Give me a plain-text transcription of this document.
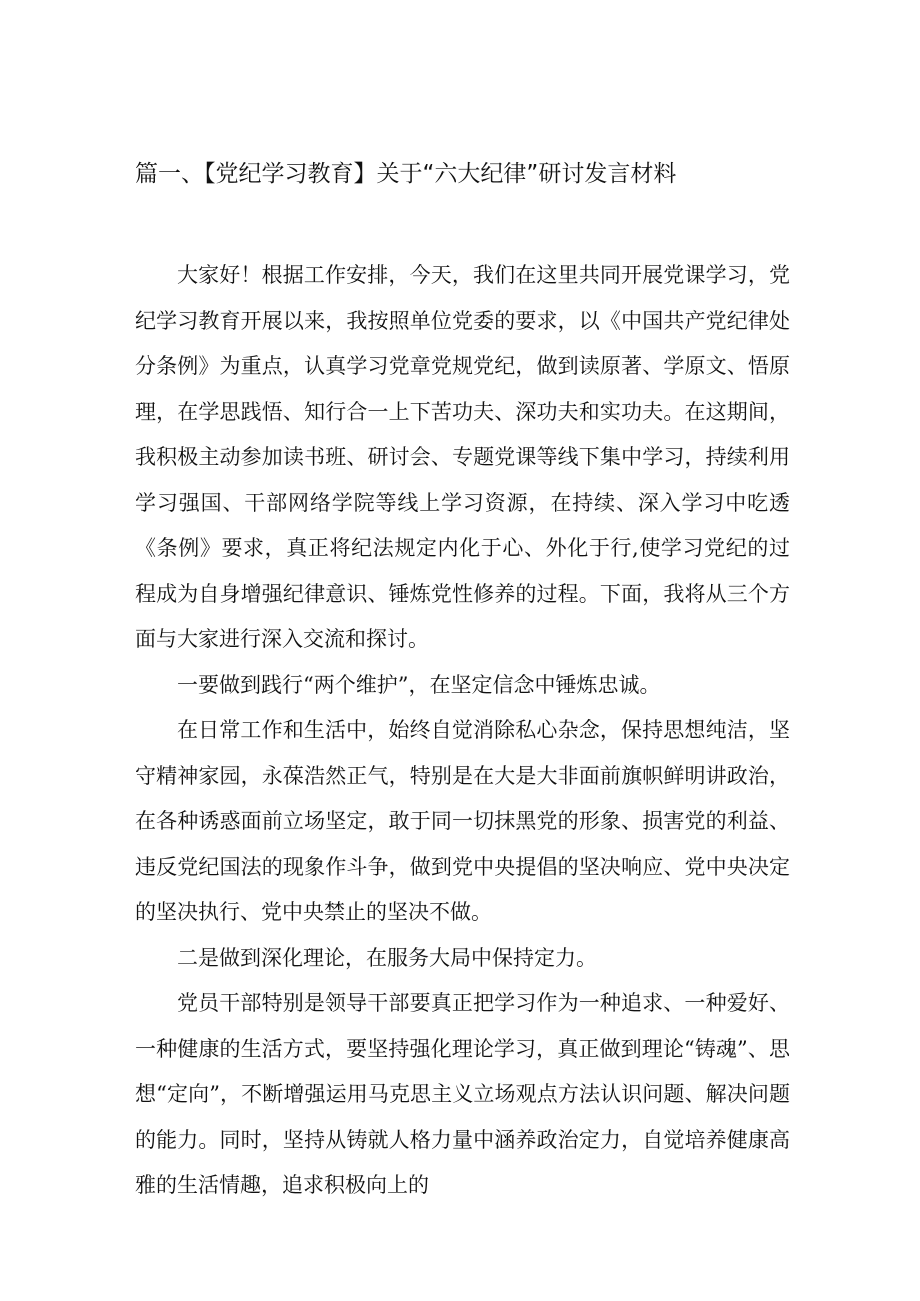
篇一、【党纪学习教育】关于“六大纪律”研讨发言材料

大家好！根据工作安排，今天，我们在这里共同开展党课学习，党纪学习教育开展以来，我按照单位党委的要求，以《中国共产党纪律处分条例》为重点，认真学习党章党规党纪，做到读原著、学原文、悟原理，在学思践悟、知行合一上下苦功夫、深功夫和实功夫。在这期间，我积极主动参加读书班、研讨会、专题党课等线下集中学习，持续利用学习强国、干部网络学院等线上学习资源，在持续、深入学习中吃透《条例》要求，真正将纪法规定内化于心、外化于行,使学习党纪的过程成为自身增强纪律意识、锤炼党性修养的过程。下面，我将从三个方面与大家进行深入交流和探讨。

一要做到践行“两个维护”，在坚定信念中锤炼忠诚。

在日常工作和生活中，始终自觉消除私心杂念，保持思想纯洁，坚守精神家园，永葆浩然正气，特别是在大是大非面前旗帜鲜明讲政治，在各种诱惑面前立场坚定，敢于同一切抹黑党的形象、损害党的利益、违反党纪国法的现象作斗争，做到党中央提倡的坚决响应、党中央决定的坚决执行、党中央禁止的坚决不做。

二是做到深化理论，在服务大局中保持定力。

党员干部特别是领导干部要真正把学习作为一种追求、一种爱好、一种健康的生活方式，要坚持强化理论学习，真正做到理论“铸魂”、思想“定向”，不断增强运用马克思主义立场观点方法认识问题、解决问题的能力。同时，坚持从铸就人格力量中涵养政治定力，自觉培养健康高雅的生活情趣，追求积极向上的
